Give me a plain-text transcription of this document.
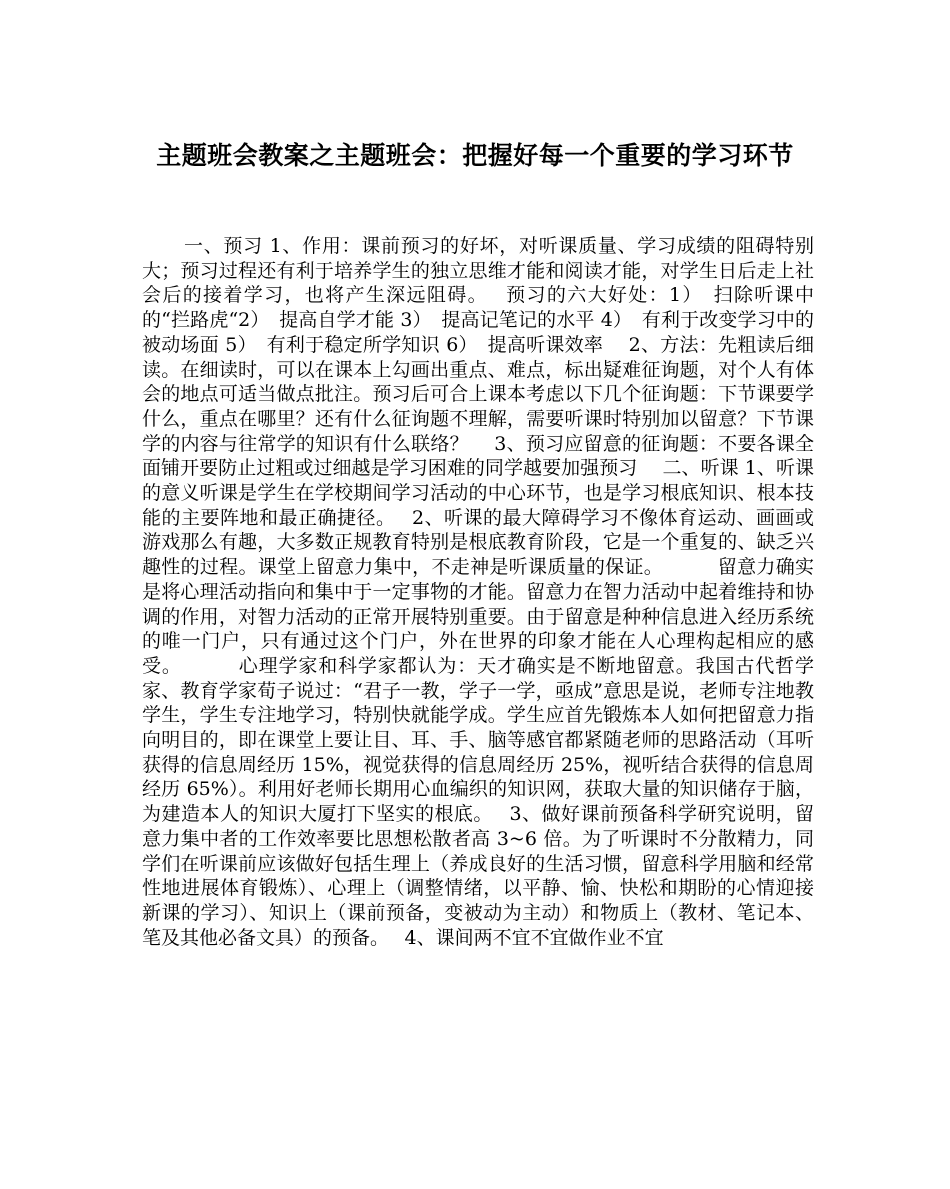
主题班会教案之主题班会：把握好每一个重要的学习环节

一、预习 1、作用：课前预习的好坏，对听课质量、学习成绩的阻碍特别大；预习过程还有利于培养学生的独立思维才能和阅读才能，对学生日后走上社会后的接着学习，也将产生深远阻碍。　 预习的六大好处：1）　扫除听课中的“拦路虎“2）　提高自学才能 3）　提高记笔记的水平 4）　有利于改变学习中的被动场面 5）　有利于稳定所学知识 6）　提高听课效率　 2、方法：先粗读后细读。在细读时，可以在课本上勾画出重点、难点，标出疑难征询题，对个人有体会的地点可适当做点批注。预习后可合上课本考虑以下几个征询题：下节课要学什么，重点在哪里？还有什么征询题不理解，需要听课时特别加以留意？下节课学的内容与往常学的知识有什么联络？　 3、预习应留意的征询题：不要各课全面铺开要防止过粗或过细越是学习困难的同学越要加强预习　 二、听课 1、听课的意义听课是学生在学校期间学习活动的中心环节，也是学习根底知识、根本技能的主要阵地和最正确捷径。　 2、听课的最大障碍学习不像体育运动、画画或游戏那么有趣，大多数正规教育特别是根底教育阶段，它是一个重复的、缺乏兴趣性的过程。课堂上留意力集中，不走神是听课质量的保证。　　　 留意力确实是将心理活动指向和集中于一定事物的才能。留意力在智力活动中起着维持和协调的作用，对智力活动的正常开展特别重要。由于留意是种种信息进入经历系统的唯一门户，只有通过这个门户，外在世界的印象才能在人心理构起相应的感受。　　　 心理学家和科学家都认为：天才确实是不断地留意。我国古代哲学家、教育学家荀子说过：“君子一教，学子一学，亟成”意思是说，老师专注地教学生，学生专注地学习，特别快就能学成。学生应首先锻炼本人如何把留意力指向明目的，即在课堂上要让目、耳、手、脑等感官都紧随老师的思路活动（耳听获得的信息周经历 15%，视觉获得的信息周经历 25%，视听结合获得的信息周经历 65%）。利用好老师长期用心血编织的知识网，获取大量的知识储存于脑，为建造本人的知识大厦打下坚实的根底。　 3、做好课前预备科学研究说明，留意力集中者的工作效率要比思想松散者高 3~6 倍。为了听课时不分散精力，同学们在听课前应该做好包括生理上（养成良好的生活习惯，留意科学用脑和经常性地进展体育锻炼）、心理上（调整情绪，以平静、愉、快松和期盼的心情迎接新课的学习）、知识上（课前预备，变被动为主动）和物质上（教材、笔记本、笔及其他必备文具）的预备。　 4、课间两不宜不宜做作业不宜
